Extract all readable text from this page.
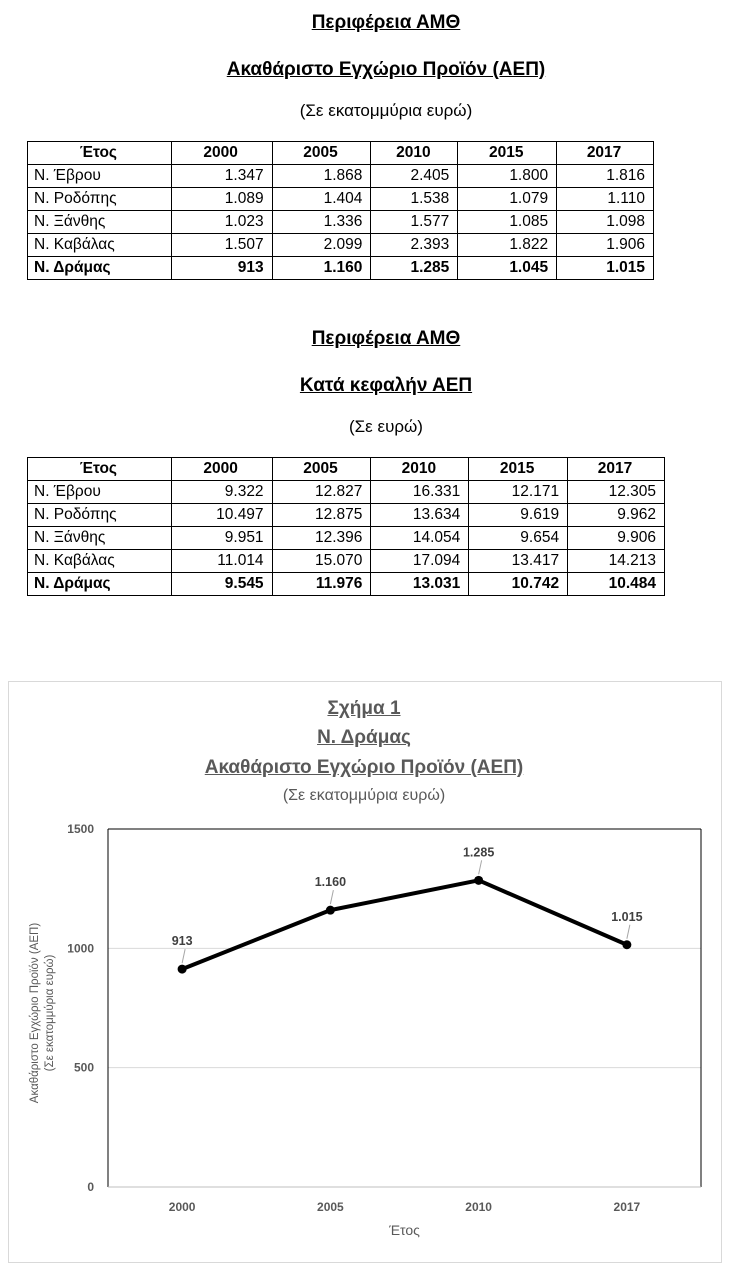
Περιφέρεια ΑΜΘ
Ακαθάριστο Εγχώριο Προϊόν (ΑΕΠ)
(Σε εκατομμύρια ευρώ)
Έτος	2000	2005	2010	2015	2017
Ν. Έβρου	1.347	1.868	2.405	1.800	1.816
Ν. Ροδόπης	1.089	1.404	1.538	1.079	1.110
Ν. Ξάνθης	1.023	1.336	1.577	1.085	1.098
Ν. Καβάλας	1.507	2.099	2.393	1.822	1.906
Ν. Δράμας	913	1.160	1.285	1.045	1.015
Περιφέρεια ΑΜΘ
Κατά κεφαλήν ΑΕΠ
(Σε ευρώ)
Έτος	2000	2005	2010	2015	2017
Ν. Έβρου	9.322	12.827	16.331	12.171	12.305
Ν. Ροδόπης	10.497	12.875	13.634	9.619	9.962
Ν. Ξάνθης	9.951	12.396	14.054	9.654	9.906
Ν. Καβάλας	11.014	15.070	17.094	13.417	14.213
Ν. Δράμας	9.545	11.976	13.031	10.742	10.484
Σχήμα 1
Ν. Δράμας
Ακαθάριστο Εγχώριο Προϊόν (ΑΕΠ)
(Σε εκατομμύρια ευρώ)
0
500
1000
1500
2000	2005	2010	2017
913
1.160
1.285
1.015
Έτος
Ακαθάριστο Εγχώριο Προϊόν (ΑΕΠ) (Σε εκατομμύρια ευρώ)
